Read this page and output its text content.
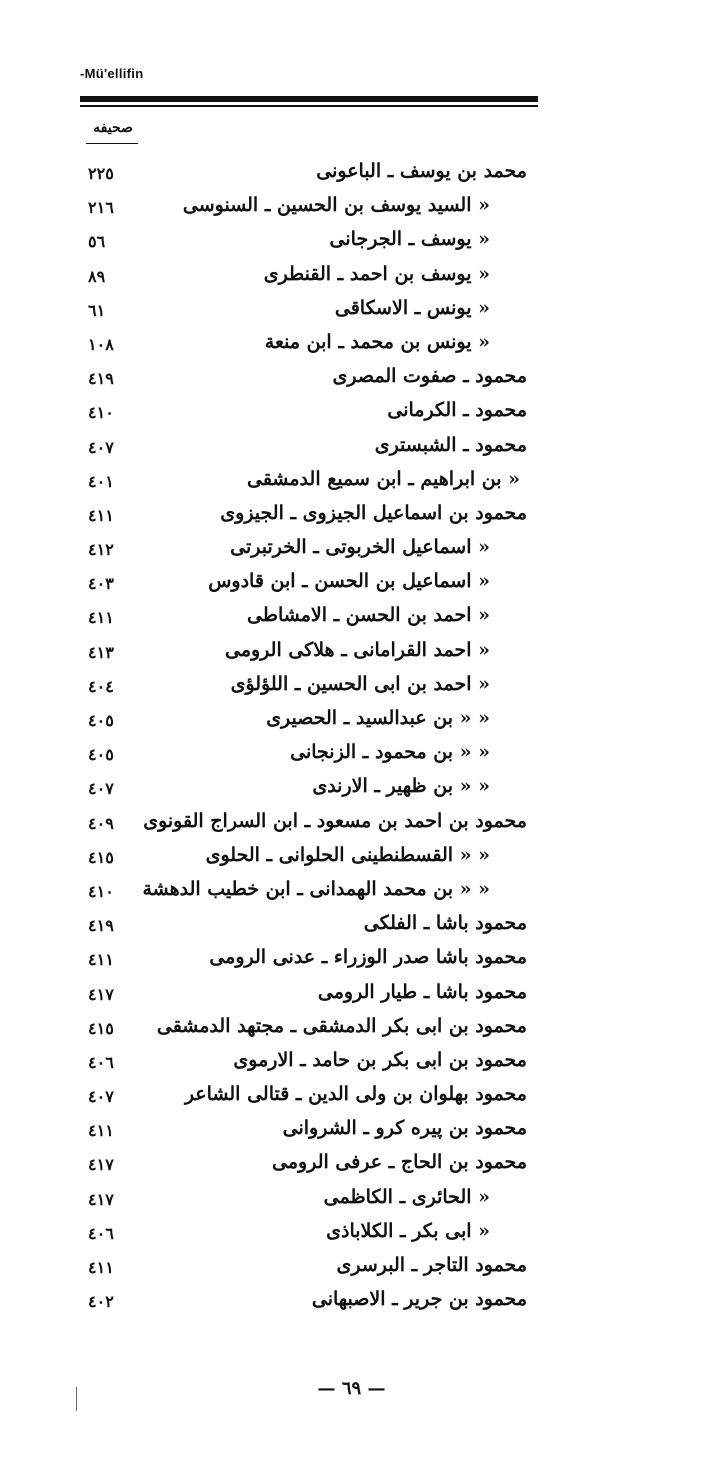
-Mü'ellifin
صحيفه
٢٢٥	محمد بن يوسف ـ الباعونى
٢١٦	« السيد يوسف بن الحسين ـ السنوسى
٥٦	« يوسف ـ الجرجانى
٨٩	« يوسف بن احمد ـ القنطرى
٦١	« يونس ـ الاسكاقى
١٠٨	« يونس بن محمد ـ ابن منعة
٤١٩	محمود ـ صفوت المصرى
٤١٠	محمود ـ الكرمانى
٤٠٧	محمود ـ الشبسترى
٤٠١	« بن ابراهيم ـ ابن سميع الدمشقى
٤١١	محمود بن اسماعيل الجيزوى ـ الجيزوى
٤١٢	« اسماعيل الخربوتى ـ الخرتبرتى
٤٠٣	« اسماعيل بن الحسن ـ ابن قادوس
٤١١	« احمد بن الحسن ـ الامشاطى
٤١٣	« احمد القرامانى ـ هلاكى الرومى
٤٠٤	« احمد بن ابى الحسين ـ اللؤلؤى
٤٠٥	« « بن عبدالسيد ـ الحصيرى
٤٠٥	« « بن محمود ـ الزنجانى
٤٠٧	« « بن ظهير ـ الارندى
٤٠٩	محمود بن احمد بن مسعود ـ ابن السراج القونوى
٤١٥	« « القسطنطينى الحلوانى ـ الحلوى
٤١٠	« « بن محمد الهمدانى ـ ابن خطيب الدهشة
٤١٩	محمود باشا ـ الفلكى
٤١١	محمود باشا صدر الوزراء ـ عدنى الرومى
٤١٧	محمود باشا ـ طيار الرومى
٤١٥	محمود بن ابى بكر الدمشقى ـ مجتهد الدمشقى
٤٠٦	محمود بن ابى بكر بن حامد ـ الارموى
٤٠٧	محمود بهلوان بن ولى الدين ـ قتالى الشاعر
٤١١	محمود بن پيره كرو ـ الشروانى
٤١٧	محمود بن الحاج ـ عرفى الرومى
٤١٧	« الحائرى ـ الكاظمى
٤٠٦	« ابى بكر ـ الكلاباذى
٤١١	محمود التاجر ـ البرسرى
٤٠٢	محمود بن جرير ـ الاصبهانى
— ٦٩ —
